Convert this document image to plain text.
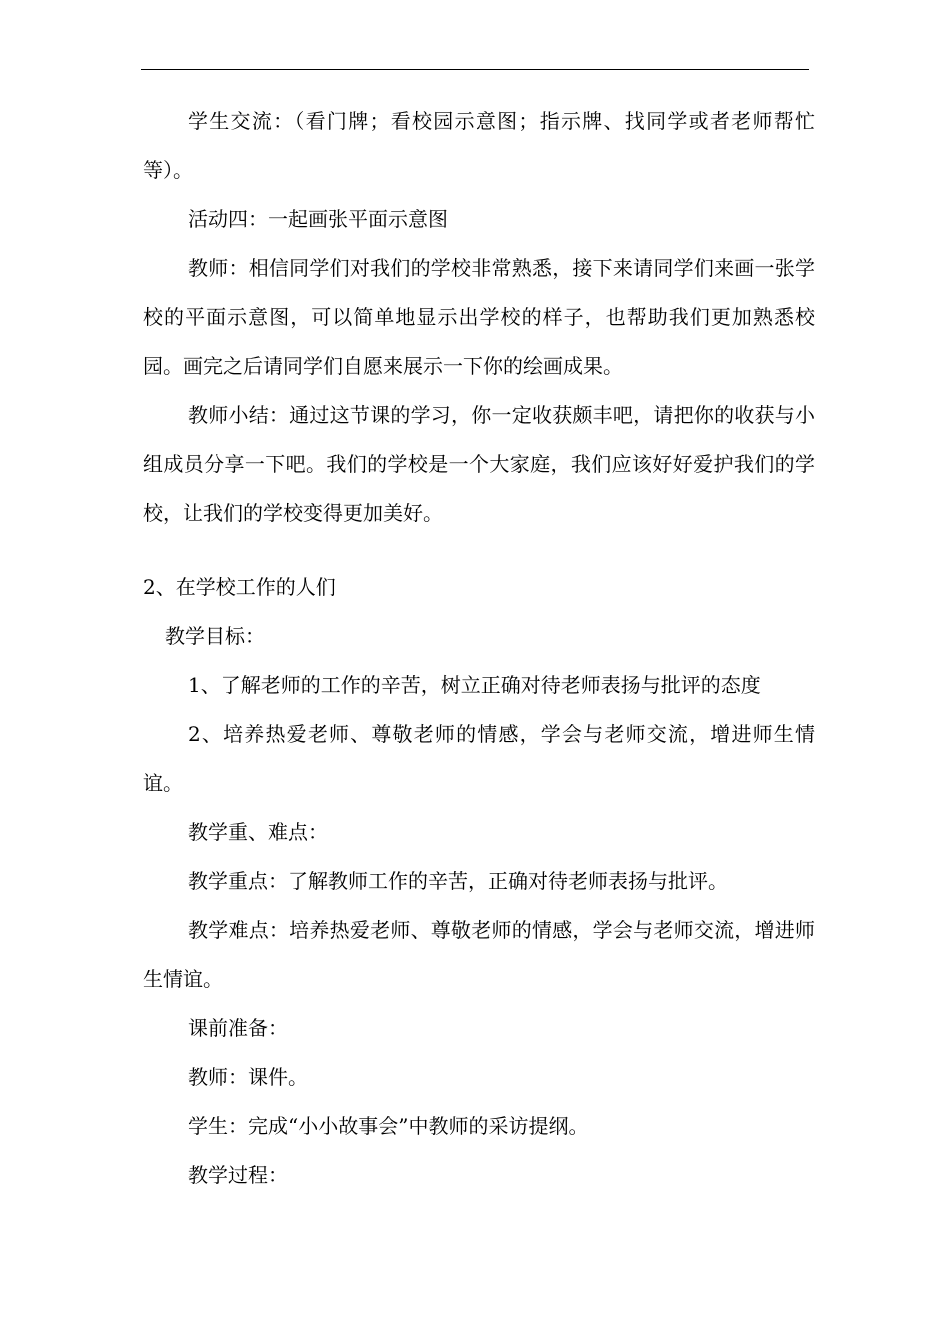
学生交流：（看门牌；看校园示意图；指示牌、找同学或者老师帮忙等）。

活动四：一起画张平面示意图

教师：相信同学们对我们的学校非常熟悉，接下来请同学们来画一张学校的平面示意图，可以简单地显示出学校的样子，也帮助我们更加熟悉校园。画完之后请同学们自愿来展示一下你的绘画成果。

教师小结：通过这节课的学习，你一定收获颇丰吧，请把你的收获与小组成员分享一下吧。我们的学校是一个大家庭，我们应该好好爱护我们的学校，让我们的学校变得更加美好。

2、在学校工作的人们

教学目标：

1、了解老师的工作的辛苦，树立正确对待老师表扬与批评的态度

2、培养热爱老师、尊敬老师的情感，学会与老师交流，增进师生情谊。

教学重、难点：

教学重点：了解教师工作的辛苦，正确对待老师表扬与批评。

教学难点：培养热爱老师、尊敬老师的情感，学会与老师交流，增进师生情谊。

课前准备：

教师：课件。

学生：完成“小小故事会”中教师的采访提纲。

教学过程：
